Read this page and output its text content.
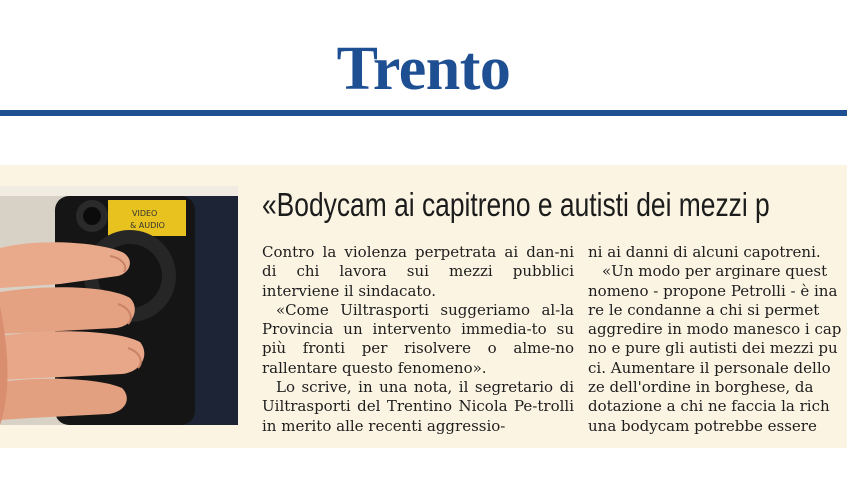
Trento
VIDEO
& AUDIO
«Bodycam ai capitreno e autisti dei mezzi p

Contro la violenza perpetrata ai dan-ni di chi lavora sui mezzi pubblici interviene il sindacato.

«Come Uiltrasporti suggeriamo al-la Provincia un intervento immedia-to su più fronti per risolvere o alme-no rallentare questo fenomeno».

Lo scrive, in una nota, il segretario di Uiltrasporti del Trentino Nicola Pe-trolli in merito alle recenti aggressio-

ni ai danni di alcuni capotreni.
«Un modo per arginare quest
nomeno - propone Petrolli - è ina
re le condanne a chi si permet
aggredire in modo manesco i cap
no e pure gli autisti dei mezzi pu
ci. Aumentare il personale dello
ze dell'ordine in borghese, da
dotazione a chi ne faccia la rich
una bodycam potrebbe essere
